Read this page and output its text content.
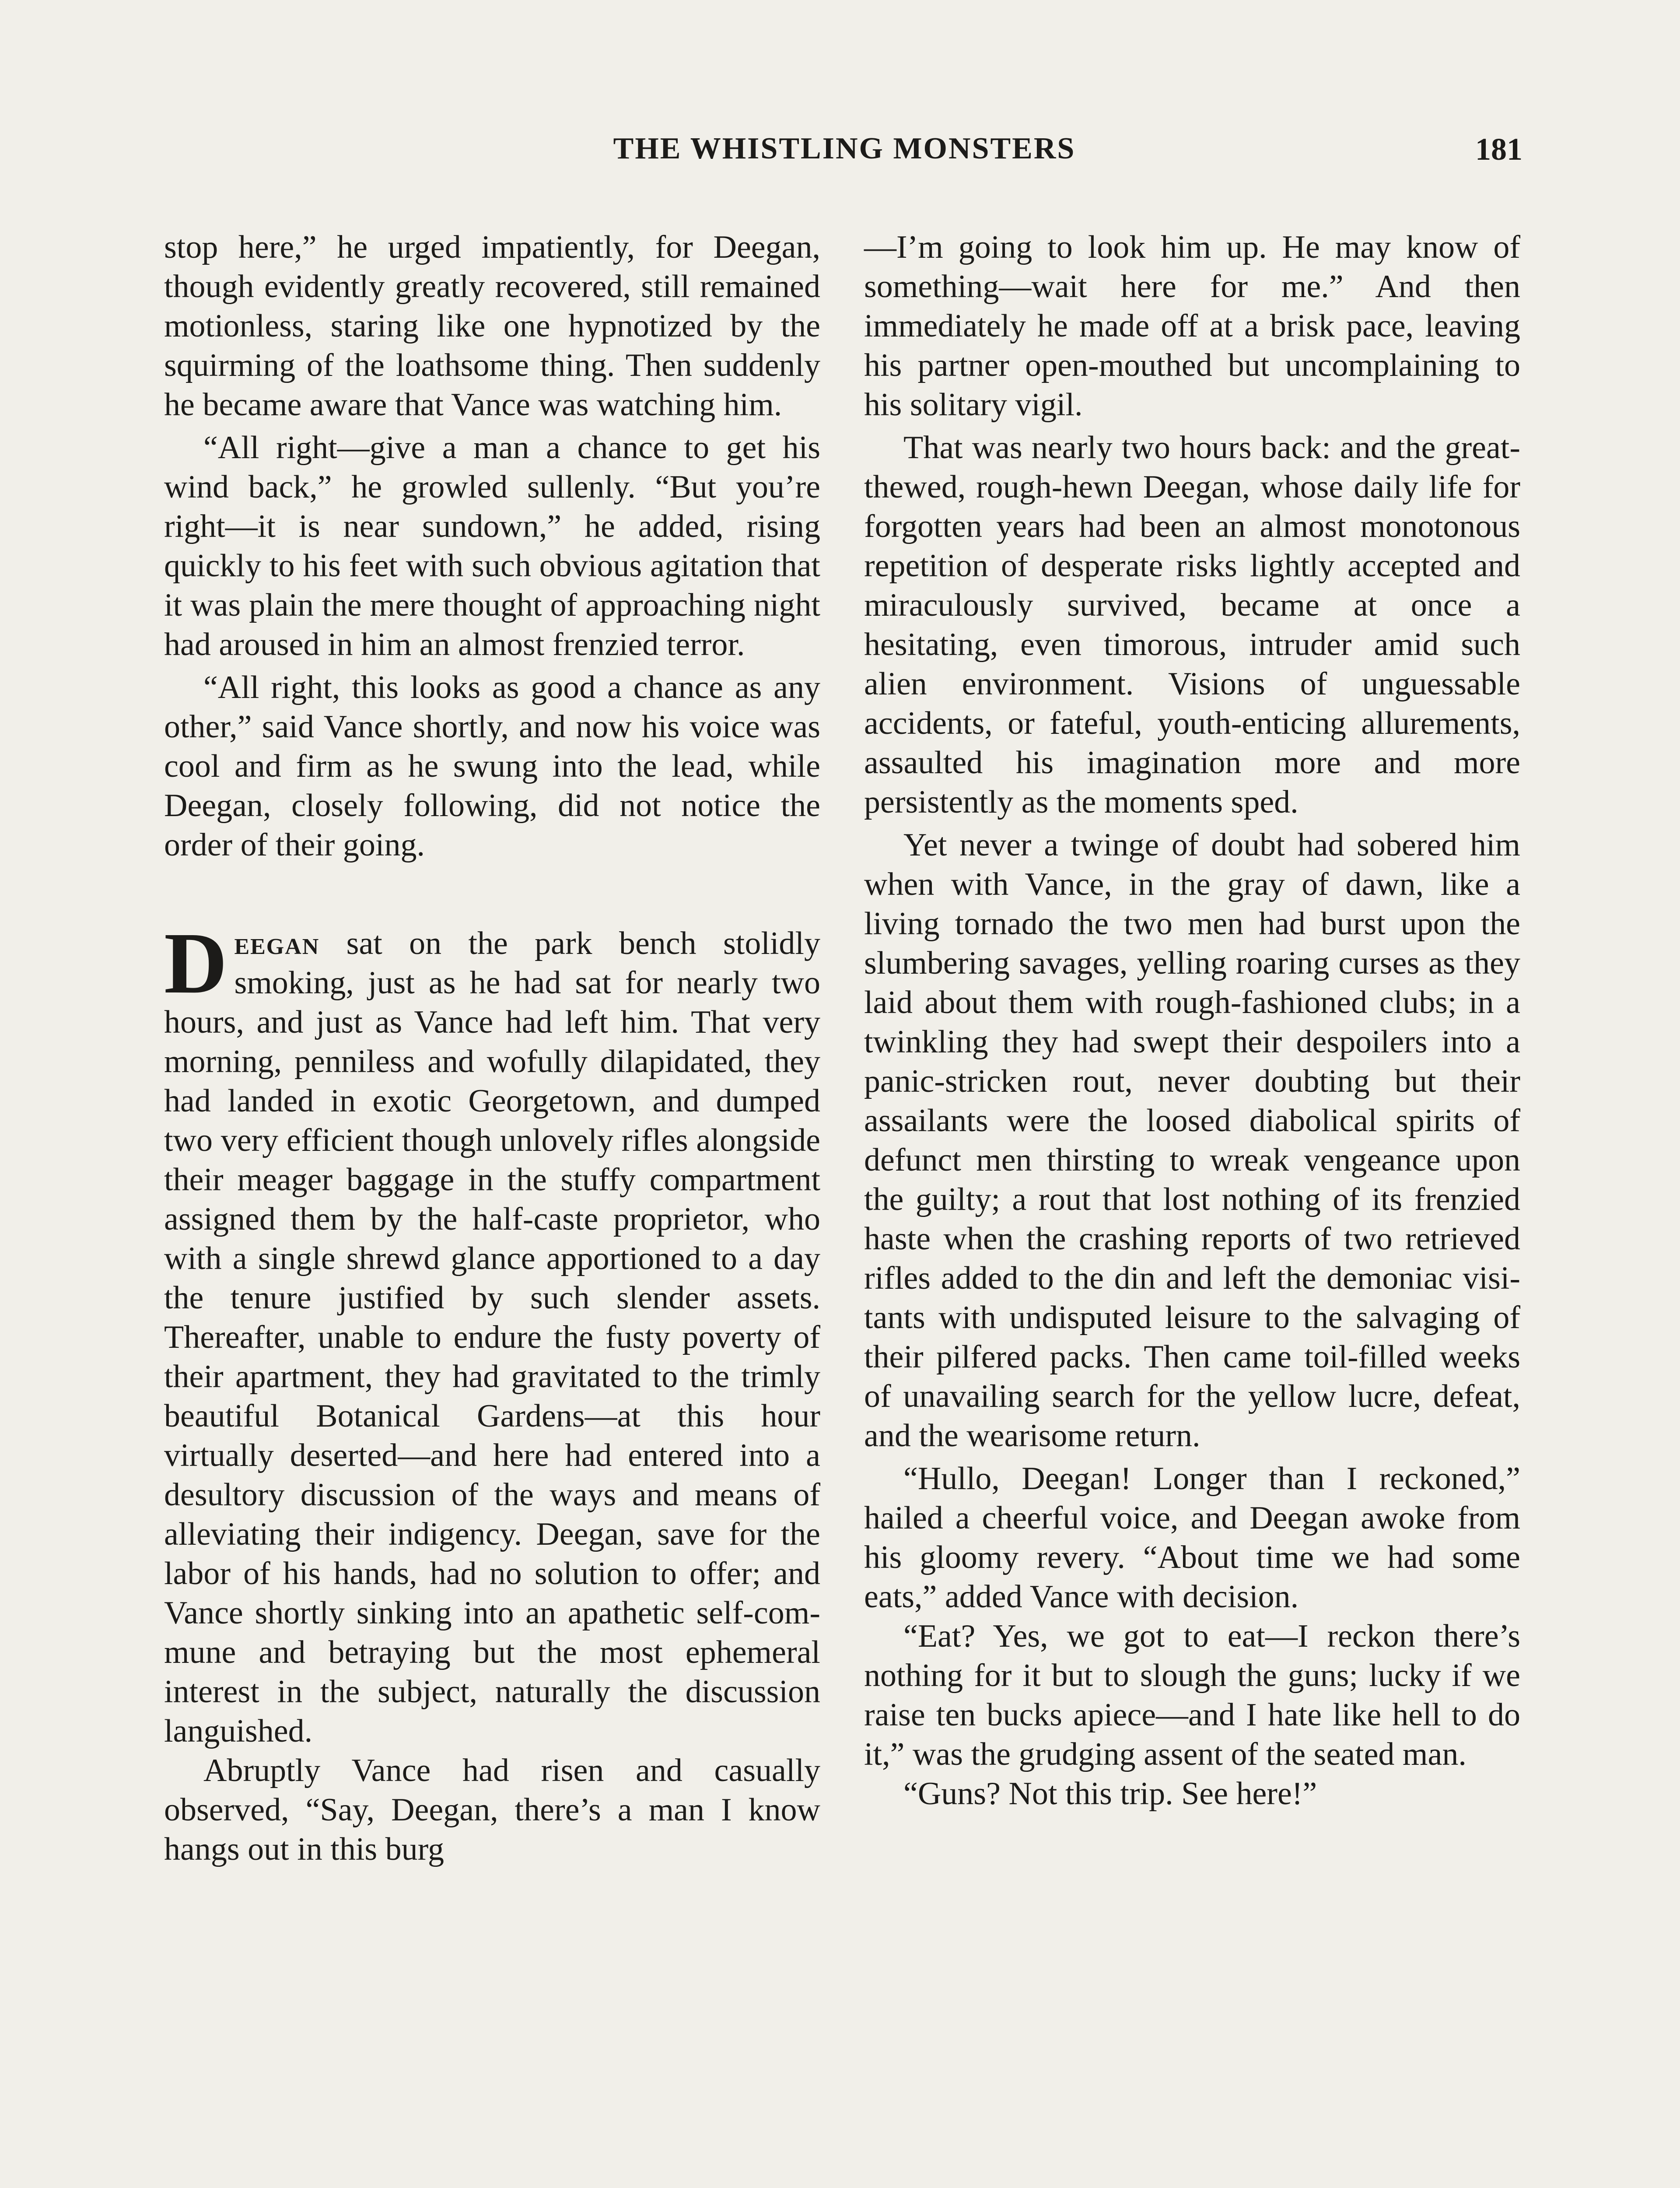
THE WHISTLING MONSTERS	181

stop here,” he urged impatiently, for Deegan, though evidently greatly recovered, still remained motionless, staring like one hypnotized by the squirming of the loathsome thing. Then suddenly he became aware that Vance was watching him.

“All right—give a man a chance to get his wind back,” he growled sullenly. “But you’re right—it is near sundown,” he added, rising quickly to his feet with such obvious agitation that it was plain the mere thought of approaching night had aroused in him an almost frenzied terror.

“All right, this looks as good a chance as any other,” said Vance shortly, and now his voice was cool and firm as he swung into the lead, while Deegan, closely following, did not notice the order of their going.

Deegan sat on the park bench stolidly smoking, just as he had sat for nearly two hours, and just as Vance had left him. That very morning, penniless and wofully dilapidated, they had landed in exotic Georgetown, and dumped two very efficient though unlovely rifles alongside their meager baggage in the stuffy compartment assigned them by the half-caste proprietor, who with a single shrewd glance apportioned to a day the tenure justified by such slender assets. Thereafter, unable to endure the fusty poverty of their apartment, they had gravitated to the trimly beautiful Botanical Gardens—at this hour virtually deserted—and here had entered into a desultory discussion of the ways and means of alleviating their indigency. Deegan, save for the labor of his hands, had no solution to offer; and Vance shortly sinking into an apathetic self-commune and betraying but the most ephemeral interest in the subject, naturally the discussion languished.

Abruptly Vance had risen and casually observed, “Say, Deegan, there’s a man I know hangs out in this burg

—I’m going to look him up. He may know of something—wait here for me.” And then immediately he made off at a brisk pace, leaving his partner open-mouthed but uncomplaining to his solitary vigil.

That was nearly two hours back: and the great-thewed, rough-hewn Deegan, whose daily life for forgotten years had been an almost monotonous repetition of desperate risks lightly accepted and miraculously survived, became at once a hesitating, even timorous, intruder amid such alien environment. Visions of unguessable accidents, or fateful, youth-enticing allurements, assaulted his imagination more and more persistently as the moments sped.

Yet never a twinge of doubt had sobered him when with Vance, in the gray of dawn, like a living tornado the two men had burst upon the slumbering savages, yelling roaring curses as they laid about them with rough-fashioned clubs; in a twinkling they had swept their despoilers into a panic-stricken rout, never doubting but their assailants were the loosed diabolical spirits of defunct men thirsting to wreak vengeance upon the guilty; a rout that lost nothing of its frenzied haste when the crashing reports of two retrieved rifles added to the din and left the demoniac visitants with undisputed leisure to the salvaging of their pilfered packs. Then came toil-filled weeks of unavailing search for the yellow lucre, defeat, and the wearisome return.

“Hullo, Deegan! Longer than I reckoned,” hailed a cheerful voice, and Deegan awoke from his gloomy revery. “About time we had some eats,” added Vance with decision.

“Eat? Yes, we got to eat—I reckon there’s nothing for it but to slough the guns; lucky if we raise ten bucks apiece—and I hate like hell to do it,” was the grudging assent of the seated man.

“Guns? Not this trip. See here!”
